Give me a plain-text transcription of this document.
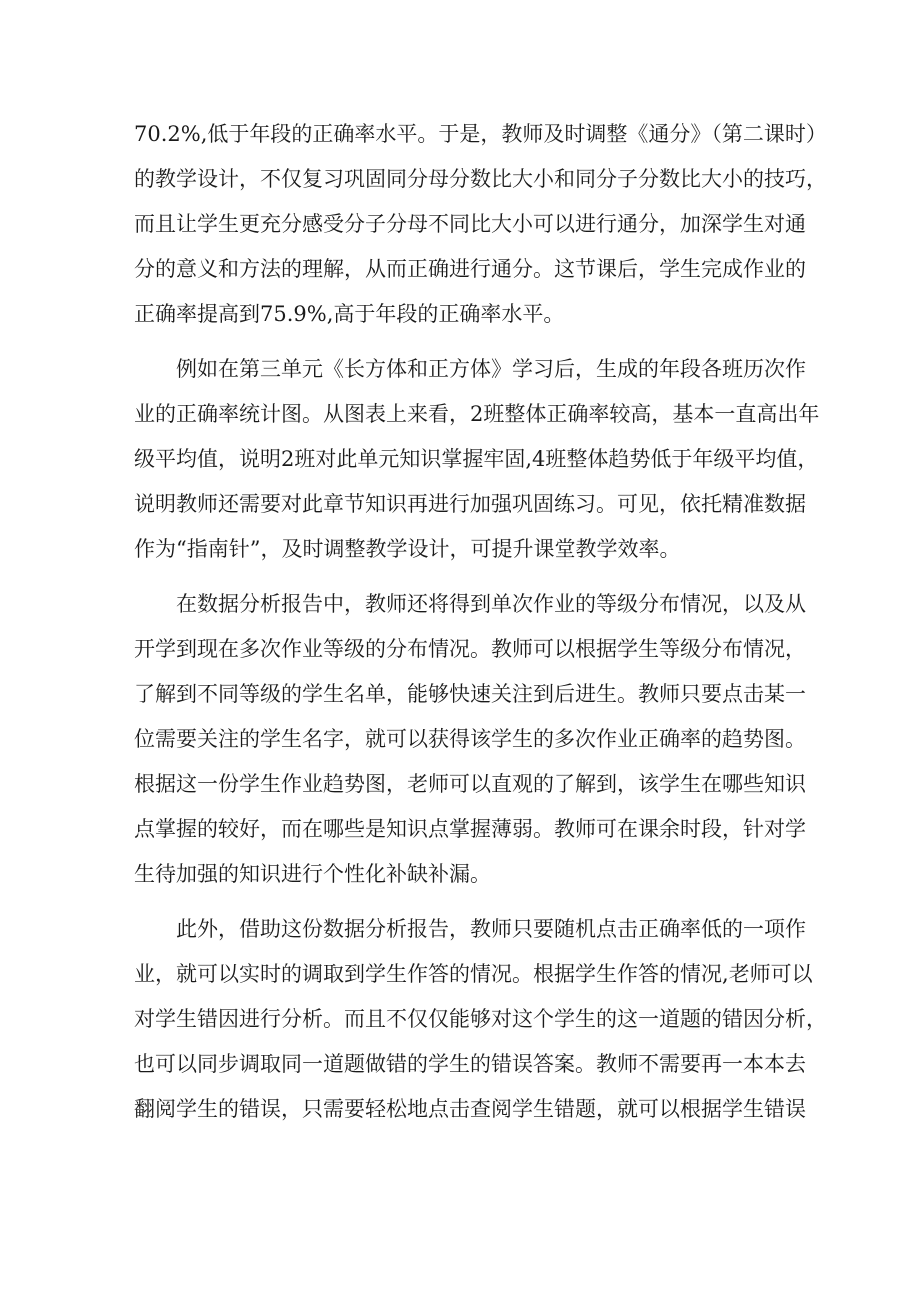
70.2%,低于年段的正确率水平。于是，教师及时调整《通分》（第二课时）
的教学设计，不仅复习巩固同分母分数比大小和同分子分数比大小的技巧，
而且让学生更充分感受分子分母不同比大小可以进行通分，加深学生对通
分的意义和方法的理解，从而正确进行通分。这节课后，学生完成作业的
正确率提高到75.9%,高于年段的正确率水平。
例如在第三单元《长方体和正方体》学习后，生成的年段各班历次作
业的正确率统计图。从图表上来看，2班整体正确率较高，基本一直高出年
级平均值，说明2班对此单元知识掌握牢固,4班整体趋势低于年级平均值，
说明教师还需要对此章节知识再进行加强巩固练习。可见，依托精准数据
作为“指南针”，及时调整教学设计，可提升课堂教学效率。
在数据分析报告中，教师还将得到单次作业的等级分布情况，以及从
开学到现在多次作业等级的分布情况。教师可以根据学生等级分布情况，
了解到不同等级的学生名单，能够快速关注到后进生。教师只要点击某一
位需要关注的学生名字，就可以获得该学生的多次作业正确率的趋势图。
根据这一份学生作业趋势图，老师可以直观的了解到，该学生在哪些知识
点掌握的较好，而在哪些是知识点掌握薄弱。教师可在课余时段，针对学
生待加强的知识进行个性化补缺补漏。
此外，借助这份数据分析报告，教师只要随机点击正确率低的一项作
业，就可以实时的调取到学生作答的情况。根据学生作答的情况,老师可以
对学生错因进行分析。而且不仅仅能够对这个学生的这一道题的错因分析，
也可以同步调取同一道题做错的学生的错误答案。教师不需要再一本本去
翻阅学生的错误，只需要轻松地点击查阅学生错题，就可以根据学生错误
